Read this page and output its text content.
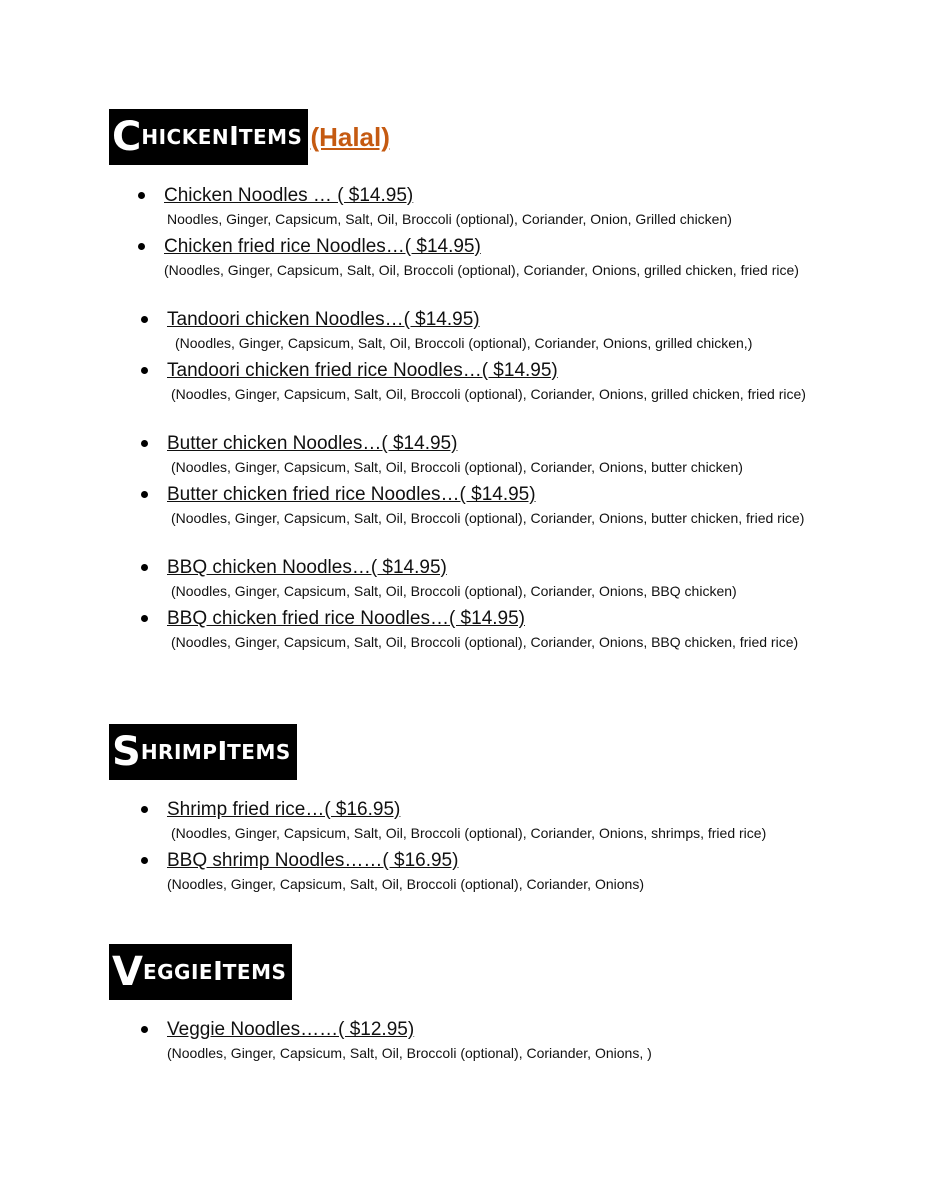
C HICKEN I TEMS (Halal)
Chicken Noodles … ( $14.95)
Noodles, Ginger, Capsicum, Salt, Oil, Broccoli (optional), Coriander, Onion, Grilled chicken)
Chicken fried rice Noodles…( $14.95)
(Noodles, Ginger, Capsicum, Salt, Oil, Broccoli (optional), Coriander, Onions, grilled chicken, fried rice)
Tandoori chicken Noodles…( $14.95)
(Noodles, Ginger, Capsicum, Salt, Oil, Broccoli (optional), Coriander, Onions, grilled chicken,)
Tandoori chicken fried rice Noodles…( $14.95)
(Noodles, Ginger, Capsicum, Salt, Oil, Broccoli (optional), Coriander, Onions, grilled chicken, fried rice)
Butter chicken Noodles…( $14.95)
(Noodles, Ginger, Capsicum, Salt, Oil, Broccoli (optional), Coriander, Onions, butter chicken)
Butter chicken fried rice Noodles…( $14.95)
(Noodles, Ginger, Capsicum, Salt, Oil, Broccoli (optional), Coriander, Onions, butter chicken, fried rice)
BBQ chicken Noodles…( $14.95)
(Noodles, Ginger, Capsicum, Salt, Oil, Broccoli (optional), Coriander, Onions, BBQ chicken)
BBQ chicken fried rice Noodles…( $14.95)
(Noodles, Ginger, Capsicum, Salt, Oil, Broccoli (optional), Coriander, Onions, BBQ chicken, fried rice)
S HRIMP I TEMS
Shrimp fried rice…( $16.95)
(Noodles, Ginger, Capsicum, Salt, Oil, Broccoli (optional), Coriander, Onions, shrimps, fried rice)
BBQ shrimp Noodles……( $16.95)
(Noodles, Ginger, Capsicum, Salt, Oil, Broccoli (optional), Coriander, Onions)
V EGGIE I TEMS
Veggie Noodles……( $12.95)
(Noodles, Ginger, Capsicum, Salt, Oil, Broccoli (optional), Coriander, Onions, )
